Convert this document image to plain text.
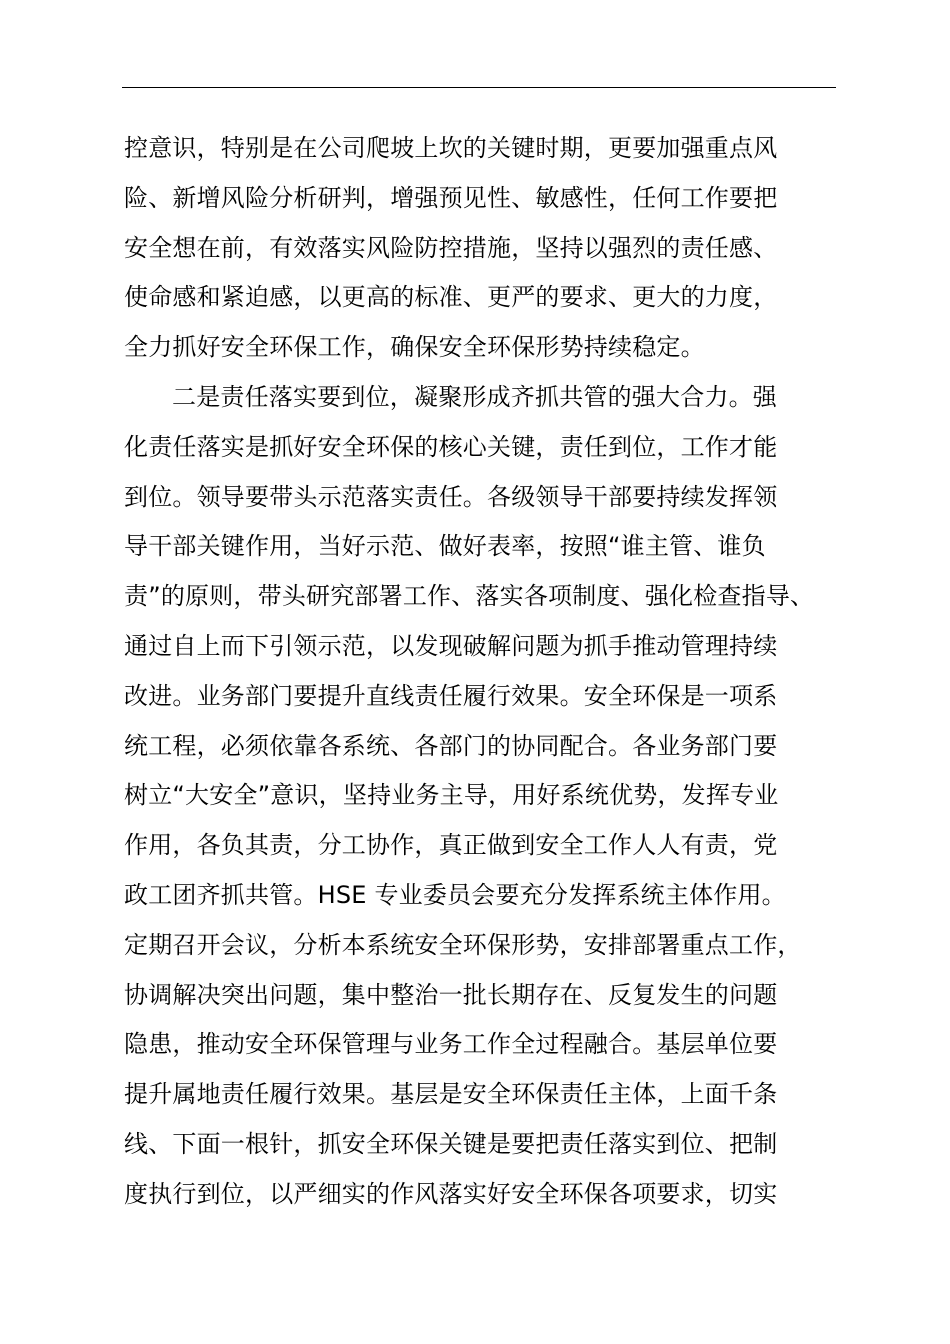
控意识，特别是在公司爬坡上坎的关键时期，更要加强重点风
险、新增风险分析研判，增强预见性、敏感性，任何工作要把
安全想在前，有效落实风险防控措施，坚持以强烈的责任感、
使命感和紧迫感，以更高的标准、更严的要求、更大的力度，
全力抓好安全环保工作，确保安全环保形势持续稳定。
二是责任落实要到位，凝聚形成齐抓共管的强大合力。强
化责任落实是抓好安全环保的核心关键，责任到位，工作才能
到位。领导要带头示范落实责任。各级领导干部要持续发挥领
导干部关键作用，当好示范、做好表率，按照“谁主管、谁负
责”的原则，带头研究部署工作、落实各项制度、强化检查指导、
通过自上而下引领示范，以发现破解问题为抓手推动管理持续
改进。业务部门要提升直线责任履行效果。安全环保是一项系
统工程，必须依靠各系统、各部门的协同配合。各业务部门要
树立“大安全”意识，坚持业务主导，用好系统优势，发挥专业
作用，各负其责，分工协作，真正做到安全工作人人有责，党
政工团齐抓共管。HSE 专业委员会要充分发挥系统主体作用。
定期召开会议，分析本系统安全环保形势，安排部署重点工作，
协调解决突出问题，集中整治一批长期存在、反复发生的问题
隐患，推动安全环保管理与业务工作全过程融合。基层单位要
提升属地责任履行效果。基层是安全环保责任主体，上面千条
线、下面一根针，抓安全环保关键是要把责任落实到位、把制
度执行到位，以严细实的作风落实好安全环保各项要求，切实
